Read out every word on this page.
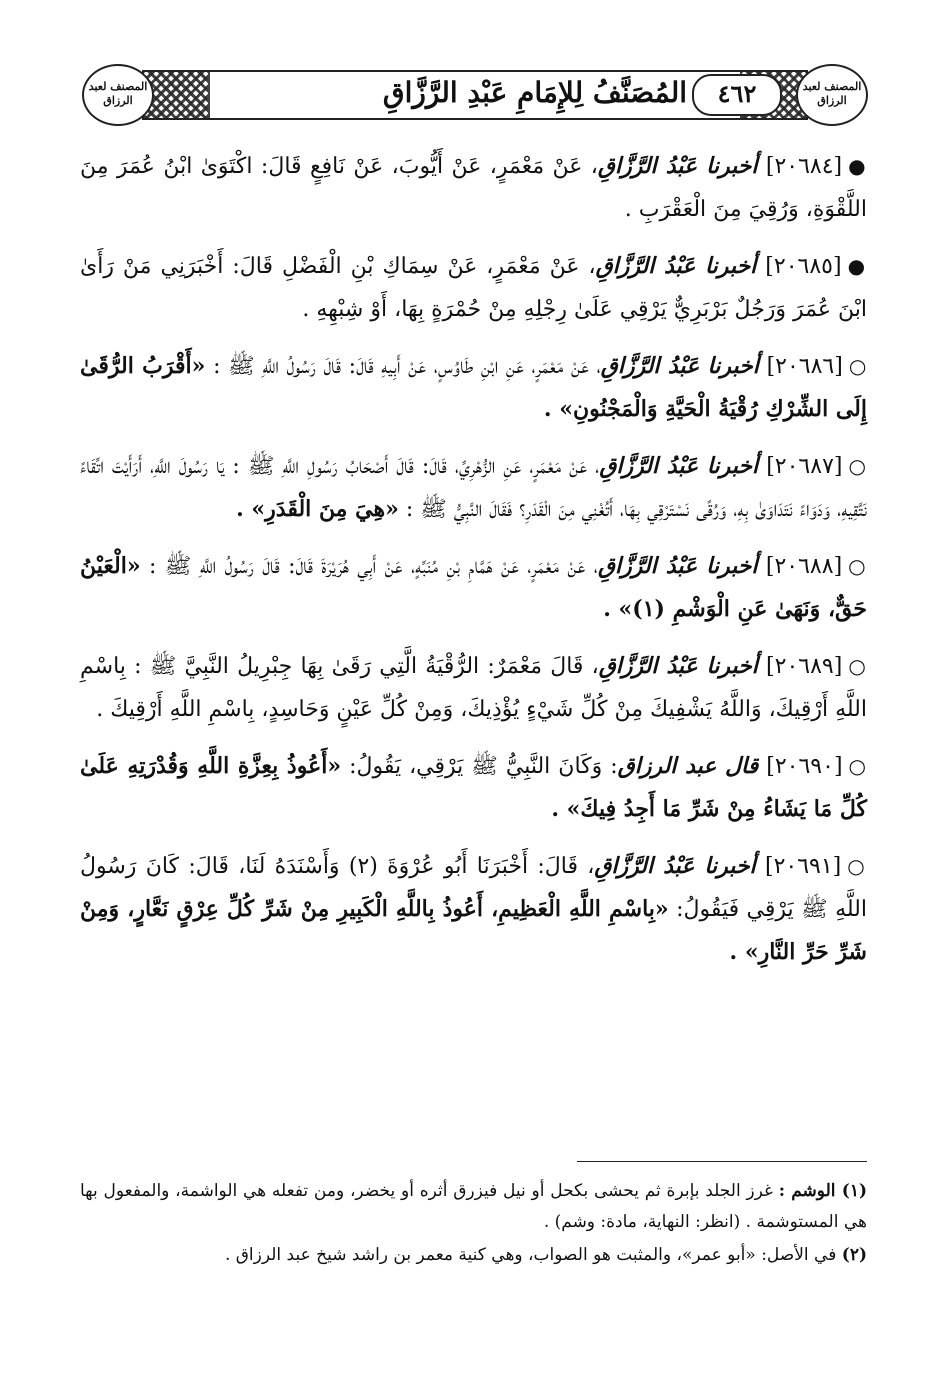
المصنف لعبد الرزاق
المصنف لعبد الرزاق
المُصَنَّفُ لِلإِمَامِ عَبْدِ الرَّزَّاقِ	٤٦٢
●[٢٠٦٨٤] أخبرنا عَبْدُ الرَّزَّاقِ، عَنْ مَعْمَرٍ، عَنْ أَيُّوبَ، عَنْ نَافِعٍ قَالَ: اكْتَوَىٰ ابْنُ عُمَرَ مِنَ اللَّقْوَةِ، وَرُقِيَ مِنَ الْعَقْرَبِ .
●[٢٠٦٨٥] أخبرنا عَبْدُ الرَّزَّاقِ، عَنْ مَعْمَرٍ، عَنْ سِمَاكِ بْنِ الْفَضْلِ قَالَ: أَخْبَرَنِي مَنْ رَأَىٰ ابْنَ عُمَرَ وَرَجُلٌ بَرْبَرِيٌّ يَرْقِي عَلَىٰ رِجْلِهِ مِنْ حُمْرَةٍ بِهَا، أَوْ شِبْهِهِ .
○[٢٠٦٨٦] أخبرنا عَبْدُ الرَّزَّاقِ، عَنْ مَعْمَرٍ، عَنِ ابْنِ طَاوُسٍ، عَنْ أَبِيهِ قَالَ: قَالَ رَسُولُ اللَّهِ ﷺ : «أَقْرَبُ الرُّقَىٰ إِلَى الشِّرْكِ رُقْيَةُ الْحَيَّةِ وَالْمَجْنُونِ» .
○[٢٠٦٨٧] أخبرنا عَبْدُ الرَّزَّاقِ، عَنْ مَعْمَرٍ، عَنِ الزُّهْرِيِّ، قَالَ: قَالَ أَصْحَابُ رَسُولِ اللَّهِ ﷺ : يَا رَسُولَ اللَّهِ، أَرَأَيْتَ اتِّقَاءً نَتَّقِيهِ، وَدَوَاءً نَتَدَاوَىٰ بِهِ، وَرُقًى نَسْتَرْقِي بِهَا، أَتُغْنِي مِنَ الْقَدَرِ؟ فَقَالَ النَّبِيُّ ﷺ : «هِيَ مِنَ الْقَدَرِ» .
○[٢٠٦٨٨] أخبرنا عَبْدُ الرَّزَّاقِ، عَنْ مَعْمَرٍ، عَنْ هَمَّامِ بْنِ مُنَبِّهٍ، عَنْ أَبِي هُرَيْرَةَ قَالَ: قَالَ رَسُولُ اللَّهِ ﷺ : «الْعَيْنُ حَقٌّ، وَنَهَىٰ عَنِ الْوَشْمِ (١)» .
○[٢٠٦٨٩] أخبرنا عَبْدُ الرَّزَّاقِ، قَالَ مَعْمَرٌ: الرُّقْيَةُ الَّتِي رَقَىٰ بِهَا جِبْرِيلُ النَّبِيَّ ﷺ : بِاسْمِ اللَّهِ أَرْقِيكَ، وَاللَّهُ يَشْفِيكَ مِنْ كُلِّ شَيْءٍ يُؤْذِيكَ، وَمِنْ كُلِّ عَيْنٍ وَحَاسِدٍ، بِاسْمِ اللَّهِ أَرْقِيكَ .
○[٢٠٦٩٠] قال عبد الرزاق: وَكَانَ النَّبِيُّ ﷺ يَرْقِي، يَقُولُ: «أَعُوذُ بِعِزَّةِ اللَّهِ وَقُدْرَتِهِ عَلَىٰ كُلِّ مَا يَشَاءُ مِنْ شَرِّ مَا أَجِدُ فِيكَ» .
○[٢٠٦٩١] أخبرنا عَبْدُ الرَّزَّاقِ، قَالَ: أَخْبَرَنَا أَبُو عُرْوَةَ (٢) وَأَسْنَدَهُ لَنَا، قَالَ: كَانَ رَسُولُ اللَّهِ ﷺ يَرْقِي فَيَقُولُ: «بِاسْمِ اللَّهِ الْعَظِيمِ، أَعُوذُ بِاللَّهِ الْكَبِيرِ مِنْ شَرِّ كُلِّ عِرْقٍ نَعَّارٍ، وَمِنْ شَرِّ حَرِّ النَّارِ» .
(١) الوشم : غرز الجلد بإبرة ثم يحشى بكحل أو نيل فيزرق أثره أو يخضر، ومن تفعله هي الواشمة، والمفعول بها هي المستوشمة . (انظر: النهاية، مادة: وشم) .
(٢) في الأصل: «أبو عمر»، والمثبت هو الصواب، وهي كنية معمر بن راشد شيخ عبد الرزاق .
